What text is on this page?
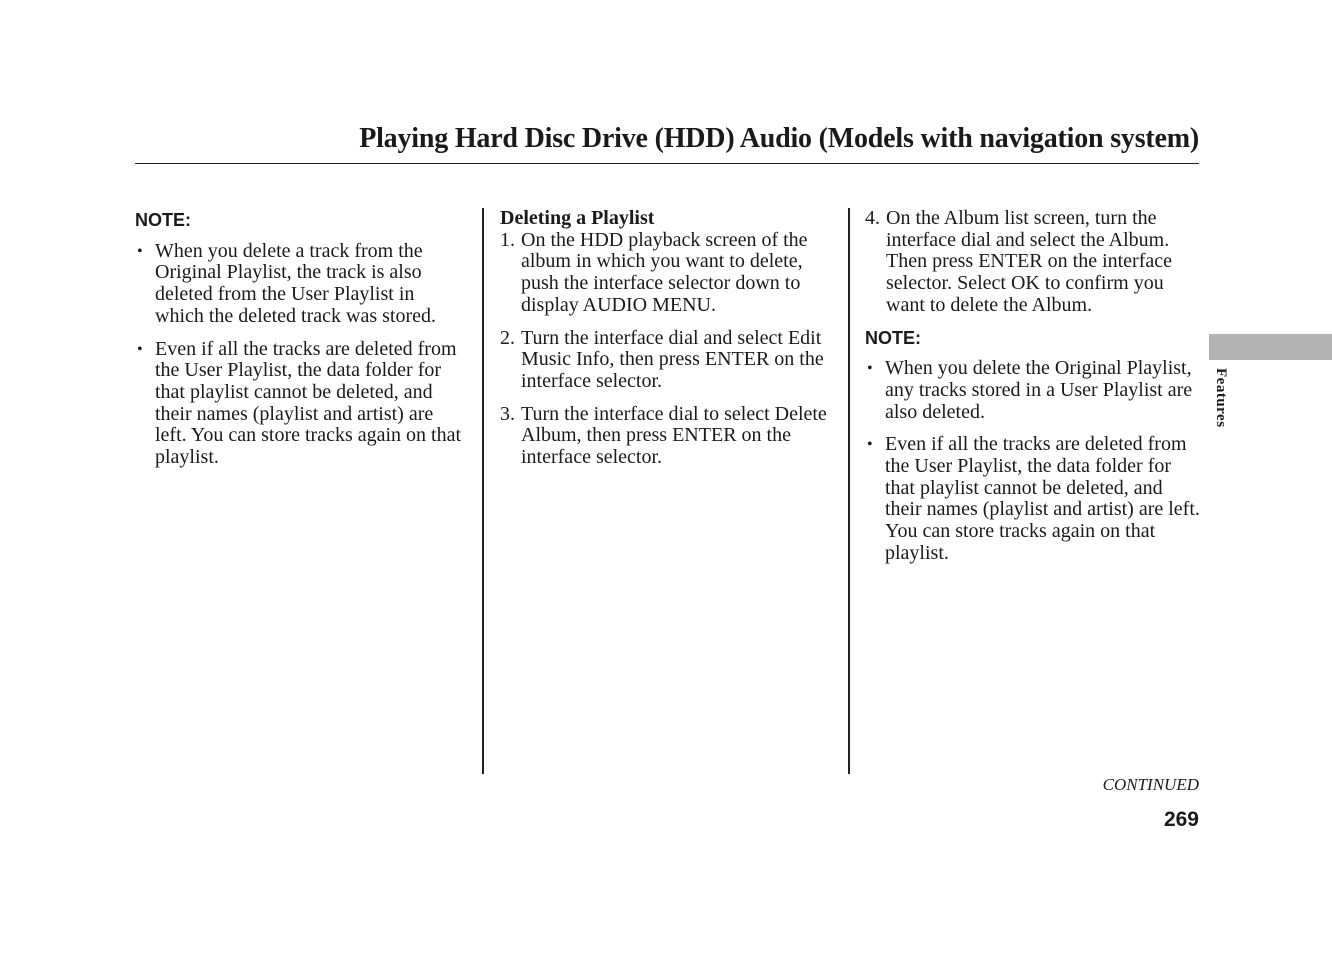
Playing Hard Disc Drive (HDD) Audio (Models with navigation system)
NOTE:
• When you delete a track from the Original Playlist, the track is also deleted from the User Playlist in which the deleted track was stored.
• Even if all the tracks are deleted from the User Playlist, the data folder for that playlist cannot be deleted, and their names (playlist and artist) are left. You can store tracks again on that playlist.
Deleting a Playlist
1. On the HDD playback screen of the album in which you want to delete, push the interface selector down to display AUDIO MENU.
2. Turn the interface dial and select Edit Music Info, then press ENTER on the interface selector.
3. Turn the interface dial to select Delete Album, then press ENTER on the interface selector.
4. On the Album list screen, turn the interface dial and select the Album. Then press ENTER on the interface selector. Select OK to confirm you want to delete the Album.
NOTE:
• When you delete the Original Playlist, any tracks stored in a User Playlist are also deleted.
• Even if all the tracks are deleted from the User Playlist, the data folder for that playlist cannot be deleted, and their names (playlist and artist) are left. You can store tracks again on that playlist.
Features
CONTINUED
269
